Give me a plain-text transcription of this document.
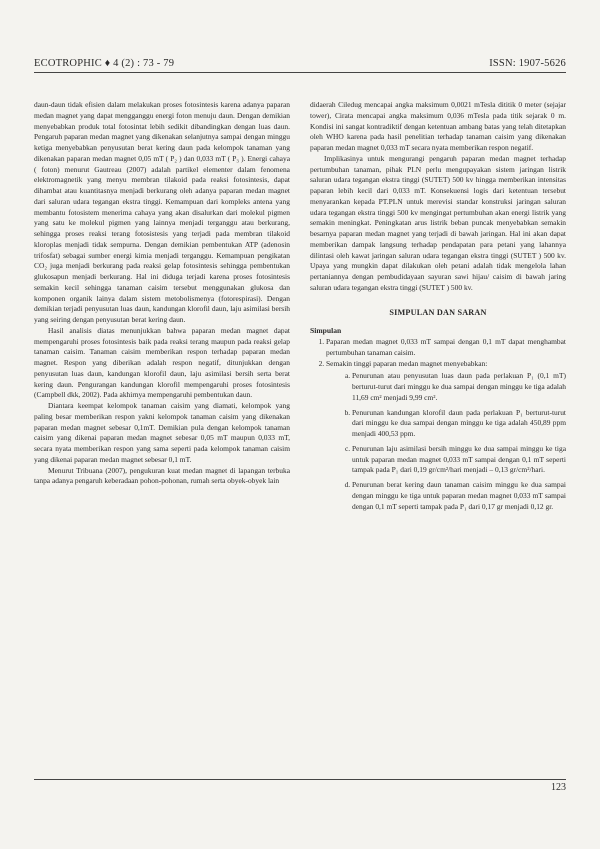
ECOTROPHIC ♦ 4 (2) : 73 - 79	ISSN: 1907-5626

daun-daun tidak efisien dalam melakukan proses fotosintesis karena adanya paparan medan magnet yang dapat mengganggu energi foton menuju daun. Dengan demikian menyebabkan produk total fotosintat lebih sedikit dibandingkan dengan luas daun. Pengaruh paparan medan magnet yang dikenakan selanjutnya sampai dengan minggu ketiga menyebabkan penyusutan berat kering daun pada kelompok tanaman yang dikenakan paparan medan magnet 0,05 mT ( P₂ ) dan 0,033 mT ( P₃ ). Energi cahaya ( foton) menurut Gautreau (2007) adalah partikel elementer dalam fenomena elektromagnetik yang menyu membran tilakoid pada reaksi fotosintesis, dapat dihambat atau kuantitasnya menjadi berkurang oleh adanya paparan medan magnet dari saluran udara tegangan ekstra tinggi. Kemampuan dari kompleks antena yang membantu fotosistem menerima cahaya yang akan disalurkan dari molekul pigmen yang satu ke molekul pigmen yang lainnya menjadi terganggu atau berkurang, sehingga proses reaksi terang fotosistesis yang terjadi pada membran tilakoid kloroplas menjadi tidak sempurna. Dengan demikian pembentukan ATP (adenosin trifosfat) sebagai sumber energi kimia menjadi terganggu. Kemampuan pengikatan CO₂ juga menjadi berkurang pada reaksi gelap fotosintesis sehingga pembentukan glukosapun menjadi berkurang. Hal ini diduga terjadi karena proses fotosintesis semakin kecil sehingga tanaman caisim tersebut menggunakan glukosa dan komponen organik lainya dalam sistem metobolismenya (fotorespirasi). Dengan demikian terjadi penyusutan luas daun, kandungan klorofil daun, laju asimilasi bersih yang seiring dengan penyusutan berat kering daun.

Hasil analisis diatas menunjukkan bahwa paparan medan magnet dapat mempengaruhi proses fotosintesis baik pada reaksi terang maupun pada reaksi gelap tanaman caisim. Tanaman caisim memberikan respon terhadap paparan medan magnet. Respon yang diberikan adalah respon negatif, ditunjukkan dengan penyusutan luas daun, kandungan klorofil daun, laju asimilasi bersih serta berat kering daun. Pengurangan kandungan klorofil mempengaruhi proses fotosintesis (Campbell dkk, 2002). Pada akhirnya mempengaruhi pembentukan daun.

Diantara keempat kelompok tanaman caisim yang diamati, kelompok yang paling besar memberikan respon yakni kelompok tanaman caisim yang dikenakan paparan medan magnet sebesar 0,1mT. Demikian pula dengan kelompok tanaman caisim yang dikenai paparan medan magnet sebesar 0,05 mT maupun 0,033 mT, secara nyata memberikan respon yang sama seperti pada kelompok tanaman caisim yang dikenai paparan medan magnet sebesar 0,1 mT.

Menurut Tribuana (2007), pengukuran kuat medan magnet di lapangan terbuka tanpa adanya pengaruh keberadaan pohon-pohonan, rumah serta obyek-obyek lain

didaerah Ciledug mencapai angka maksimum 0,0021 mTesla dititik 0 meter (sejajar tower), Cirata mencapai angka maksimum 0,036 mTesla pada titik sejarak 0 m. Kondisi ini sangat kontradiktif dengan ketentuan ambang batas yang telah ditetapkan oleh WHO karena pada hasil penelitian terhadap tanaman caisim yang dikenakan paparan medan magnet 0,033 mT secara nyata memberikan respon negatif.

Implikasinya untuk mengurangi pengaruh paparan medan magnet terhadap pertumbuhan tanaman, pihak PLN perlu mengupayakan sistem jaringan listrik saluran udara tegangan ekstra tinggi (SUTET) 500 kv hingga memberikan intensitas paparan lebih kecil dari 0,033 mT. Konsekuensi logis dari ketentuan tersebut menyarankan kepada PT.PLN untuk merevisi standar konstruksi jaringan saluran udara tegangan ekstra tinggi 500 kv mengingat pertumbuhan akan energi listrik yang semakin meningkat. Peningkatan arus listrik beban puncak menyebabkan semakin besarnya paparan medan magnet yang terjadi di bawah jaringan. Hal ini akan dapat memberikan dampak langsung terhadap pendapatan para petani yang lahannya dilintasi oleh kawat jaringan saluran udara tegangan ekstra tinggi (SUTET ) 500 kv. Upaya yang mungkin dapat dilakukan oleh petani adalah tidak mengelola lahan pertaniannya dengan pembudidayaan sayuran sawi hijau/ caisim di bawah jaring saluran udara tegangan ekstra tinggi (SUTET ) 500 kv.

SIMPULAN DAN SARAN
Simpulan
1. Paparan medan magnet 0,033 mT sampai dengan 0,1 mT dapat menghambat pertumbuhan tanaman caisim.
2. Semakin tinggi paparan medan magnet menyebabkan:
a. Penurunan atau penyusutan luas daun pada perlakuan P₁ (0,1 mT) berturut-turut dari minggu ke dua sampai dengan minggu ke tiga adalah 11,69 cm² menjadi 9,99 cm².
b. Penurunan kandungan klorofil daun pada perlakuan P₁ berturut-turut dari minggu ke dua sampai dengan minggu ke tiga adalah 450,89 ppm menjadi 400,53 ppm.
c. Penurunan laju asimilasi bersih minggu ke dua sampai minggu ke tiga untuk paparan medan magnet 0,033 mT sampai dengan 0,1 mT seperti tampak pada P₁ dari 0,19 gr/cm²/hari menjadi – 0,13 gr/cm²/hari.
d. Penurunan berat kering daun tanaman caisim minggu ke dua sampai dengan minggu ke tiga untuk paparan medan magnet 0,033 mT sampai dengan 0,1 mT seperti tampak pada P₁ dari 0,17 gr menjadi 0,12 gr.
123
